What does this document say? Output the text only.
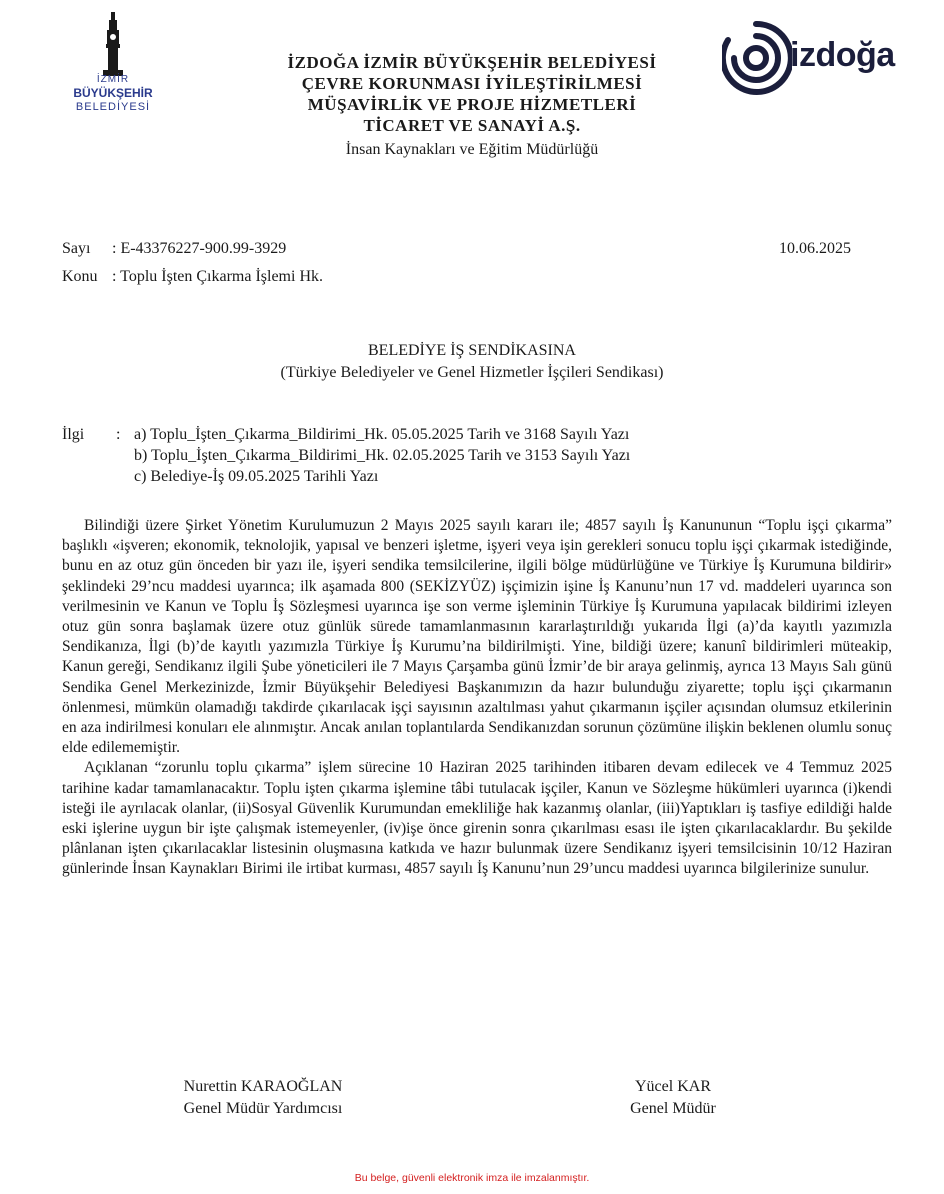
İZMİR
BÜYÜKŞEHİR
BELEDİYESİ
İZDOĞA İZMİR BÜYÜKŞEHİR BELEDİYESİ
ÇEVRE KORUNMASI İYİLEŞTİRİLMESİ
MÜŞAVİRLİK VE PROJE HİZMETLERİ
TİCARET VE SANAYİ A.Ş.
İnsan Kaynakları ve Eğitim Müdürlüğü
izdoğa
Sayı : E-43376227-900.99-3929
Konu : Toplu İşten Çıkarma İşlemi Hk.
10.06.2025
BELEDİYE İŞ SENDİKASINA
(Türkiye Belediyeler ve Genel Hizmetler İşçileri Sendikası)
İlgi : a) Toplu_İşten_Çıkarma_Bildirimi_Hk. 05.05.2025 Tarih ve 3168 Sayılı Yazı
b) Toplu_İşten_Çıkarma_Bildirimi_Hk. 02.05.2025 Tarih ve 3153 Sayılı Yazı
c) Belediye-İş 09.05.2025 Tarihli Yazı

Bilindiği üzere Şirket Yönetim Kurulumuzun 2 Mayıs 2025 sayılı kararı ile; 4857 sayılı İş Kanununun “Toplu işçi çıkarma” başlıklı «işveren; ekonomik, teknolojik, yapısal ve benzeri işletme, işyeri veya işin gerekleri sonucu toplu işçi çıkarmak istediğinde, bunu en az otuz gün önceden bir yazı ile, işyeri sendika temsilcilerine, ilgili bölge müdürlüğüne ve Türkiye İş Kurumuna bildirir» şeklindeki 29’ncu maddesi uyarınca; ilk aşamada 800 (SEKİZYÜZ) işçimizin işine İş Kanunu’nun 17 vd. maddeleri uyarınca son verilmesinin ve Kanun ve Toplu İş Sözleşmesi uyarınca işe son verme işleminin Türkiye İş Kurumuna yapılacak bildirimi izleyen otuz gün sonra başlamak üzere otuz günlük sürede tamamlanmasının kararlaştırıldığı yukarıda İlgi (a)’da kayıtlı yazımızla Sendikanıza, İlgi (b)’de kayıtlı yazımızla Türkiye İş Kurumu’na bildirilmişti. Yine, bildiği üzere; kanunî bildirimleri müteakip, Kanun gereği, Sendikanız ilgili Şube yöneticileri ile 7 Mayıs Çarşamba günü İzmir’de bir araya gelinmiş, ayrıca 13 Mayıs Salı günü Sendika Genel Merkezinizde, İzmir Büyükşehir Belediyesi Başkanımızın da hazır bulunduğu ziyarette; toplu işçi çıkarmanın önlenmesi, mümkün olamadığı takdirde çıkarılacak işçi sayısının azaltılması yahut çıkarmanın işçiler açısından olumsuz etkilerinin en aza indirilmesi konuları ele alınmıştır. Ancak anılan toplantılarda Sendikanızdan sorunun çözümüne ilişkin beklenen olumlu sonuç elde edilememiştir.

Açıklanan “zorunlu toplu çıkarma” işlem sürecine 10 Haziran 2025 tarihinden itibaren devam edilecek ve 4 Temmuz 2025 tarihine kadar tamamlanacaktır. Toplu işten çıkarma işlemine tâbi tutulacak işçiler, Kanun ve Sözleşme hükümleri uyarınca (i)kendi isteği ile ayrılacak olanlar, (ii)Sosyal Güvenlik Kurumundan emekliliğe hak kazanmış olanlar, (iii)Yaptıkları iş tasfiye edildiği halde eski işlerine uygun bir işte çalışmak istemeyenler, (iv)işe önce girenin sonra çıkarılması esası ile işten çıkarılacaklardır. Bu şekilde plânlanan işten çıkarılacaklar listesinin oluşmasına katkıda ve hazır bulunmak üzere Sendikanız işyeri temsilcisinin 10/12 Haziran günlerinde İnsan Kaynakları Birimi ile irtibat kurması, 4857 sayılı İş Kanunu’nun 29’uncu maddesi uyarınca bilgilerinize sunulur.

Nurettin KARAOĞLAN
Genel Müdür Yardımcısı
Yücel KAR
Genel Müdür
Bu belge, güvenli elektronik imza ile imzalanmıştır.
